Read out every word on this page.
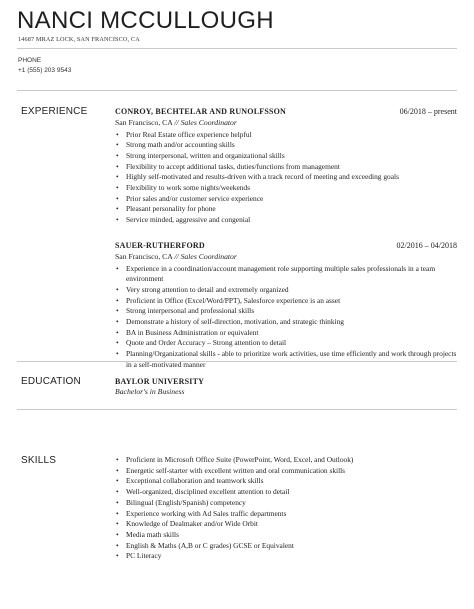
NANCI MCCULLOUGH
14687 MRAZ LOCK, SAN FRANCISCO, CA
PHONE
+1 (555) 203 9543
EXPERIENCE	CONROY, BECHTELAR AND RUNOLFSSON	06/2018 – present
San Francisco, CA // Sales Coordinator
• Prior Real Estate office experience helpful
• Strong math and/or accounting skills
• Strong interpersonal, written and organizational skills
• Flexibility to accept additional tasks, duties/functions from management
• Highly self-motivated and results-driven with a track record of meeting and exceeding goals
• Flexibility to work some nights/weekends
• Prior sales and/or customer service experience
• Pleasant personality for phone
• Service minded, aggressive and congenial
SAUER-RUTHERFORD	02/2016 – 04/2018
San Francisco, CA // Sales Coordinator
• Experience in a coordination/account management role supporting multiple sales professionals in a team environment
• Very strong attention to detail and extremely organized
• Proficient in Office (Excel/Word/PPT), Salesforce experience is an asset
• Strong interpersonal and professional skills
• Demonstrate a history of self-direction, motivation, and strategic thinking
• BA in Business Administration or equivalent
• Quote and Order Accuracy – Strong attention to detail
• Planning/Organizational skills - able to prioritize work activities, use time efficiently and work through projects in a self-motivated manner
EDUCATION	BAYLOR UNIVERSITY
Bachelor's in Business
SKILLS
•	Proficient in Microsoft Office Suite (PowerPoint, Word, Excel, and Outlook)
• Energetic self-starter with excellent written and oral communication skills
• Exceptional collaboration and teamwork skills
• Well-organized, disciplined excellent attention to detail
• Bilingual (English/Spanish) competency
• Experience working with Ad Sales traffic departments
• Knowledge of Dealmaker and/or Wide Orbit
• Media math skills
• English & Maths (A,B or C grades) GCSE or Equivalent
• PC Literacy
